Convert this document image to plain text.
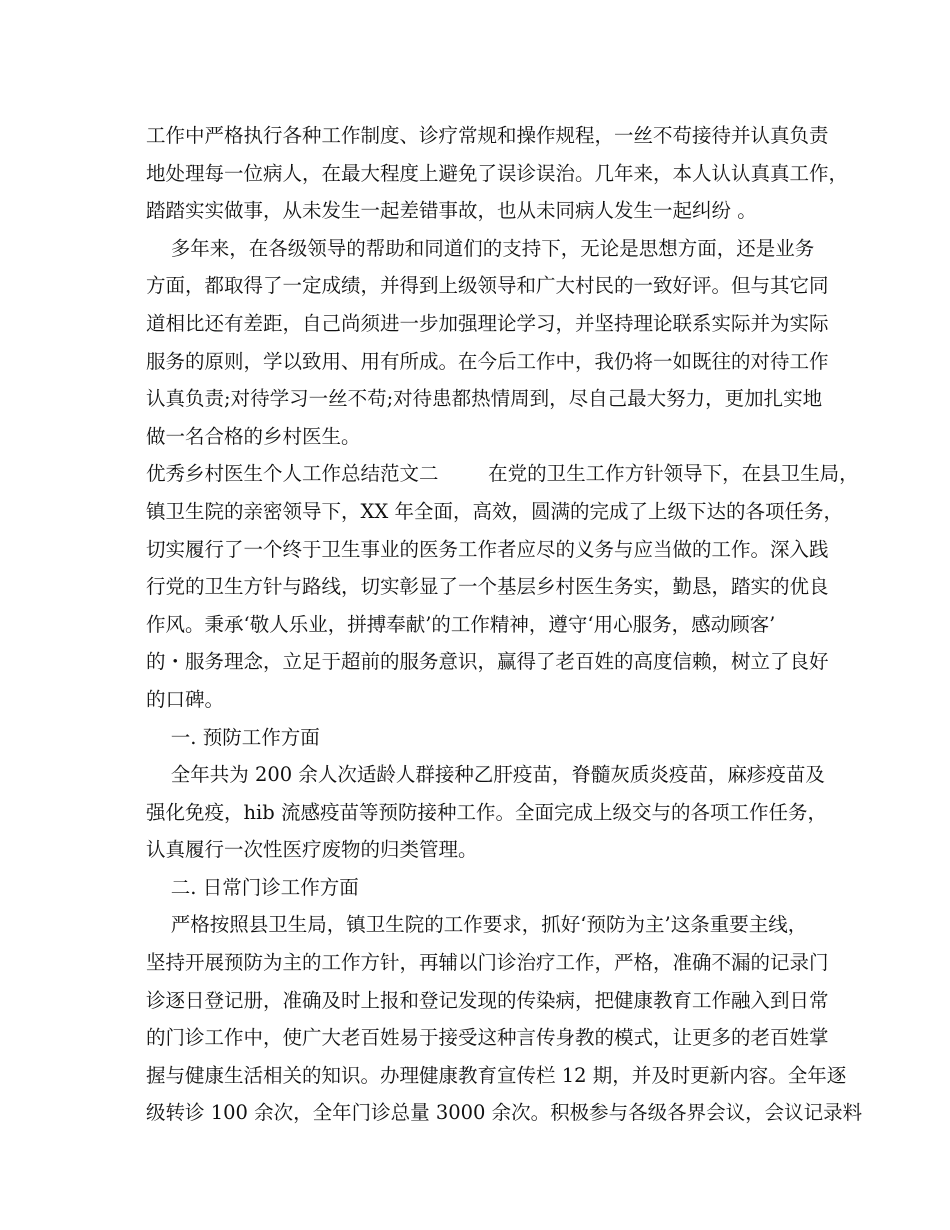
工作中严格执行各种工作制度、诊疗常规和操作规程，一丝不苟接待并认真负责
地处理每一位病人，在最大程度上避免了误诊误治。几年来，本人认认真真工作，
踏踏实实做事，从未发生一起差错事故，也从未同病人发生一起纠纷 。
多年来，在各级领导的帮助和同道们的支持下，无论是思想方面，还是业务
方面，都取得了一定成绩，并得到上级领导和广大村民的一致好评。但与其它同
道相比还有差距，自己尚须进一步加强理论学习，并坚持理论联系实际并为实际
服务的原则，学以致用、用有所成。在今后工作中，我仍将一如既往的对待工作
认真负责;对待学习一丝不苟;对待患都热情周到，尽自己最大努力，更加扎实地
做一名合格的乡村医生。
优秀乡村医生个人工作总结范文二        在党的卫生工作方针领导下，在县卫生局，
镇卫生院的亲密领导下，XX 年全面，高效，圆满的完成了上级下达的各项任务，
切实履行了一个终于卫生事业的医务工作者应尽的义务与应当做的工作。深入践
行党的卫生方针与路线，切实彰显了一个基层乡村医生务实，勤恳，踏实的优良
作风。秉承‘敬人乐业，拼搏奉献’的工作精神，遵守‘用心服务，感动顾客’
的・服务理念，立足于超前的服务意识，赢得了老百姓的高度信赖，树立了良好
的口碑。
一. 预防工作方面
全年共为 200 余人次适龄人群接种乙肝疫苗，脊髓灰质炎疫苗，麻疹疫苗及
强化免疫，hib 流感疫苗等预防接种工作。全面完成上级交与的各项工作任务，
认真履行一次性医疗废物的归类管理。
二. 日常门诊工作方面
严格按照县卫生局，镇卫生院的工作要求，抓好‘预防为主’这条重要主线，
坚持开展预防为主的工作方针，再辅以门诊治疗工作，严格，准确不漏的记录门
诊逐日登记册，准确及时上报和登记发现的传染病，把健康教育工作融入到日常
的门诊工作中，使广大老百姓易于接受这种言传身教的模式，让更多的老百姓掌
握与健康生活相关的知识。办理健康教育宣传栏 12 期，并及时更新内容。全年逐
级转诊 100 余次，全年门诊总量 3000 余次。积极参与各级各界会议，会议记录料
